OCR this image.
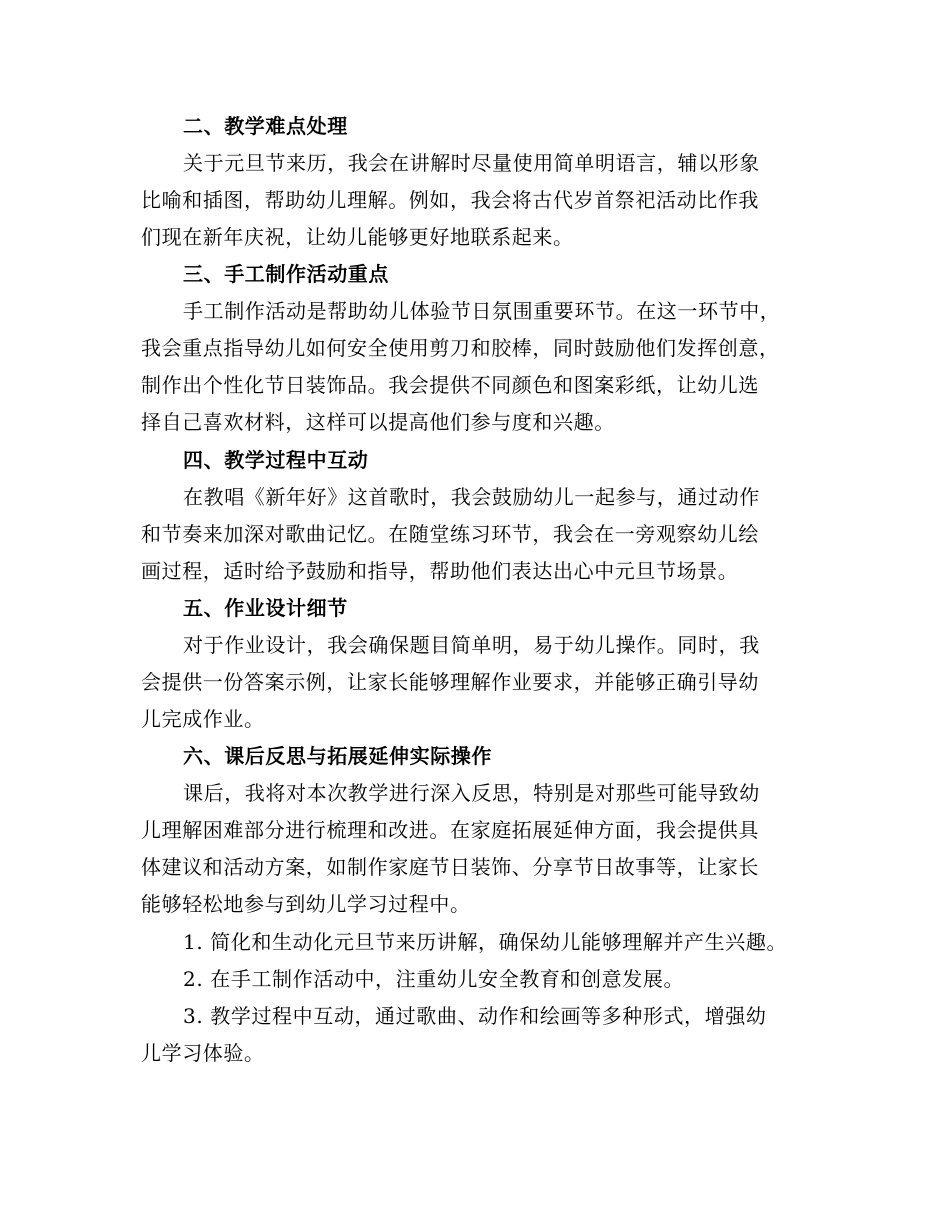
二、教学难点处理
关于元旦节来历，我会在讲解时尽量使用简单明语言，辅以形象
比喻和插图，帮助幼儿理解。例如，我会将古代岁首祭祀活动比作我
们现在新年庆祝，让幼儿能够更好地联系起来。
三、手工制作活动重点
手工制作活动是帮助幼儿体验节日氛围重要环节。在这一环节中，
我会重点指导幼儿如何安全使用剪刀和胶棒，同时鼓励他们发挥创意，
制作出个性化节日装饰品。我会提供不同颜色和图案彩纸，让幼儿选
择自己喜欢材料，这样可以提高他们参与度和兴趣。
四、教学过程中互动
在教唱《新年好》这首歌时，我会鼓励幼儿一起参与，通过动作
和节奏来加深对歌曲记忆。在随堂练习环节，我会在一旁观察幼儿绘
画过程，适时给予鼓励和指导，帮助他们表达出心中元旦节场景。
五、作业设计细节
对于作业设计，我会确保题目简单明，易于幼儿操作。同时，我
会提供一份答案示例，让家长能够理解作业要求，并能够正确引导幼
儿完成作业。
六、课后反思与拓展延伸实际操作
课后，我将对本次教学进行深入反思，特别是对那些可能导致幼
儿理解困难部分进行梳理和改进。在家庭拓展延伸方面，我会提供具
体建议和活动方案，如制作家庭节日装饰、分享节日故事等，让家长
能够轻松地参与到幼儿学习过程中。
1. 简化和生动化元旦节来历讲解，确保幼儿能够理解并产生兴趣。
2. 在手工制作活动中，注重幼儿安全教育和创意发展。
3. 教学过程中互动，通过歌曲、动作和绘画等多种形式，增强幼
儿学习体验。
